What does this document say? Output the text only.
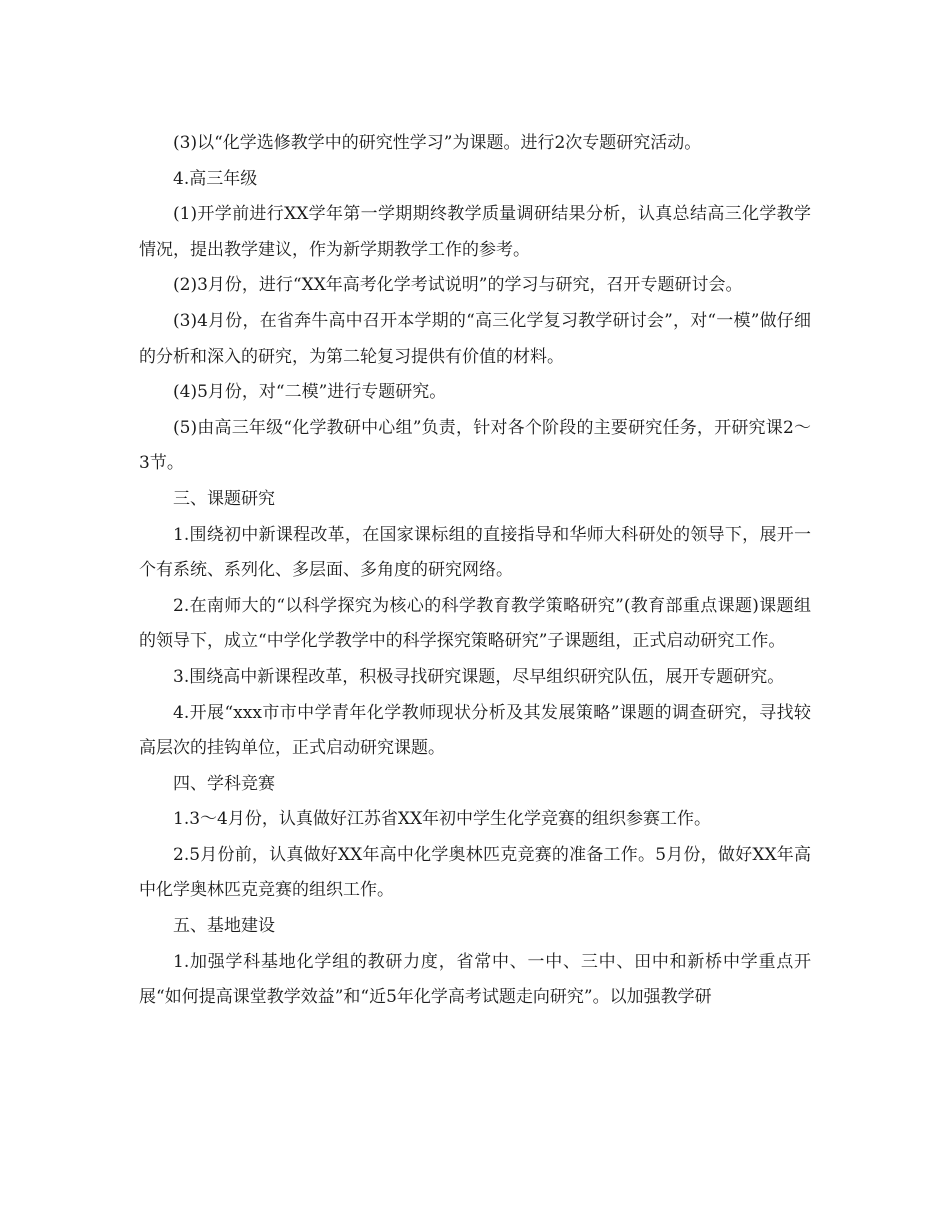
(3)以“化学选修教学中的研究性学习”为课题。进行2次专题研究活动。

4.高三年级

(1)开学前进行XX学年第一学期期终教学质量调研结果分析，认真总结高三化学教学情况，提出教学建议，作为新学期教学工作的参考。

(2)3月份，进行“XX年高考化学考试说明”的学习与研究，召开专题研讨会。

(3)4月份，在省奔牛高中召开本学期的“高三化学复习教学研讨会”，对“一模”做仔细的分析和深入的研究，为第二轮复习提供有价值的材料。

(4)5月份，对“二模”进行专题研究。

(5)由高三年级“化学教研中心组”负责，针对各个阶段的主要研究任务，开研究课2～3节。

三、课题研究

1.围绕初中新课程改革，在国家课标组的直接指导和华师大科研处的领导下，展开一个有系统、系列化、多层面、多角度的研究网络。

2.在南师大的“以科学探究为核心的科学教育教学策略研究”(教育部重点课题)课题组的领导下，成立“中学化学教学中的科学探究策略研究”子课题组，正式启动研究工作。

3.围绕高中新课程改革，积极寻找研究课题，尽早组织研究队伍，展开专题研究。

4.开展“xxx市市中学青年化学教师现状分析及其发展策略”课题的调查研究，寻找较高层次的挂钩单位，正式启动研究课题。

四、学科竞赛

1.3～4月份，认真做好江苏省XX年初中学生化学竞赛的组织参赛工作。

2.5月份前，认真做好XX年高中化学奥林匹克竞赛的准备工作。5月份，做好XX年高中化学奥林匹克竞赛的组织工作。

五、基地建设

1.加强学科基地化学组的教研力度，省常中、一中、三中、田中和新桥中学重点开展“如何提高课堂教学效益”和“近5年化学高考试题走向研究”。以加强教学研
